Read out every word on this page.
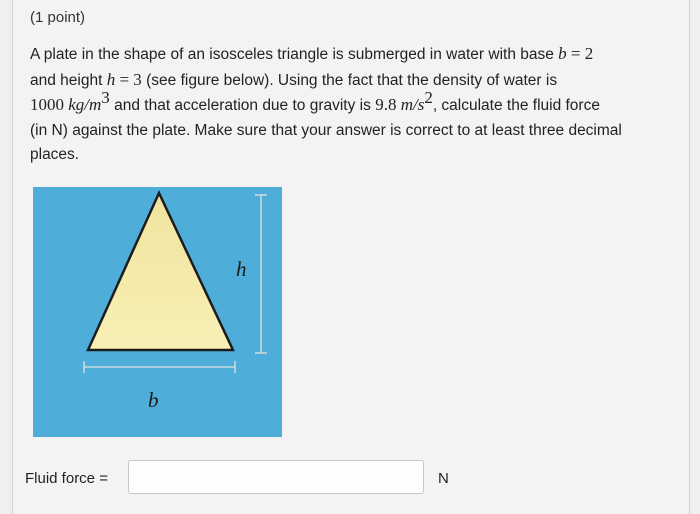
(1 point)
A plate in the shape of an isosceles triangle is submerged in water with base b = 2
and height h = 3 (see figure below). Using the fact that the density of water is
1000 $kg/m^3$ and that acceleration due to gravity is 9.8 $m/s^2$, calculate the fluid force
(in N) against the plate. Make sure that your answer is correct to at least three decimal
places.
h
b
Fluid force =	N
